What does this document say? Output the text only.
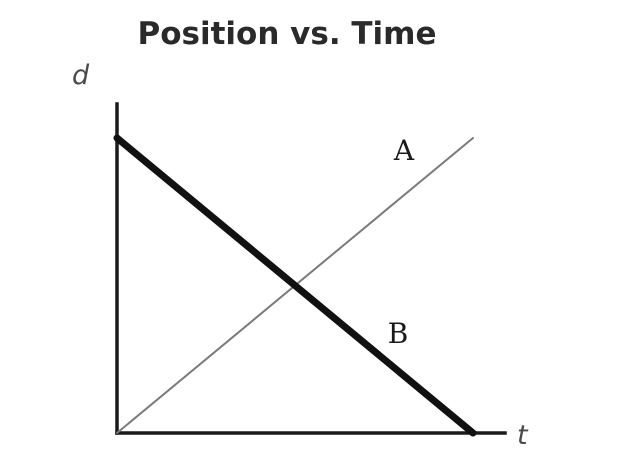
Position vs. Time
d
t
A
B
